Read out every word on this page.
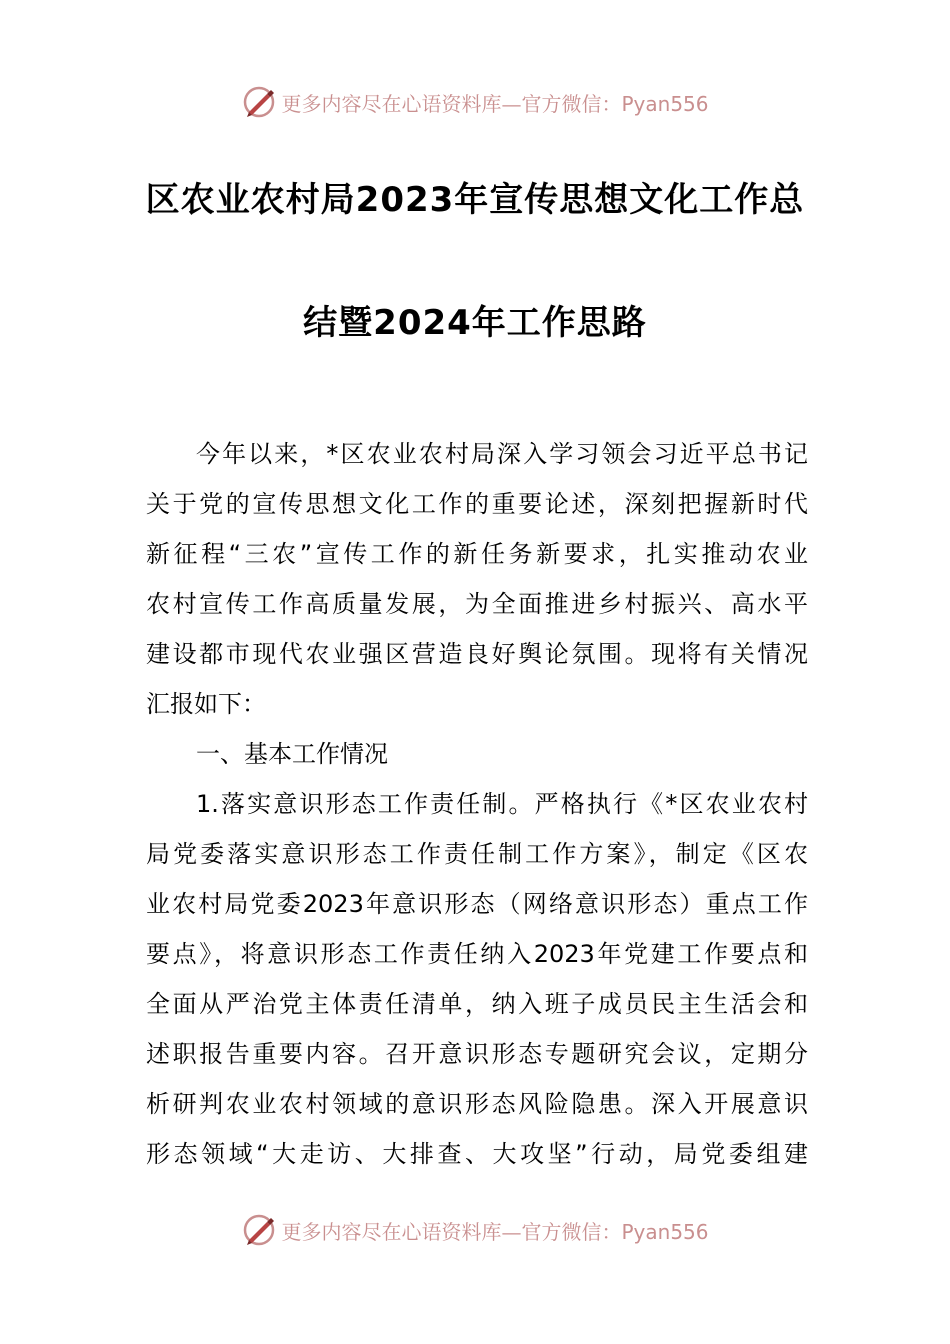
更多内容尽在心语资料库—官方微信：Pyan556
区农业农村局2023年宣传思想文化工作总
结暨2024年工作思路
今年以来，*区农业农村局深入学习领会习近平总书记
关于党的宣传思想文化工作的重要论述，深刻把握新时代
新征程“三农”宣传工作的新任务新要求，扎实推动农业
农村宣传工作高质量发展，为全面推进乡村振兴、高水平
建设都市现代农业强区营造良好舆论氛围。现将有关情况
汇报如下：
一、基本工作情况
1.落实意识形态工作责任制。严格执行《*区农业农村
局党委落实意识形态工作责任制工作方案》，制定《区农
业农村局党委2023年意识形态（网络意识形态）重点工作
要点》，将意识形态工作责任纳入2023年党建工作要点和
全面从严治党主体责任清单，纳入班子成员民主生活会和
述职报告重要内容。召开意识形态专题研究会议，定期分
析研判农业农村领域的意识形态风险隐患。深入开展意识
形态领域“大走访、大排查、大攻坚”行动，局党委组建
更多内容尽在心语资料库—官方微信：Pyan556
